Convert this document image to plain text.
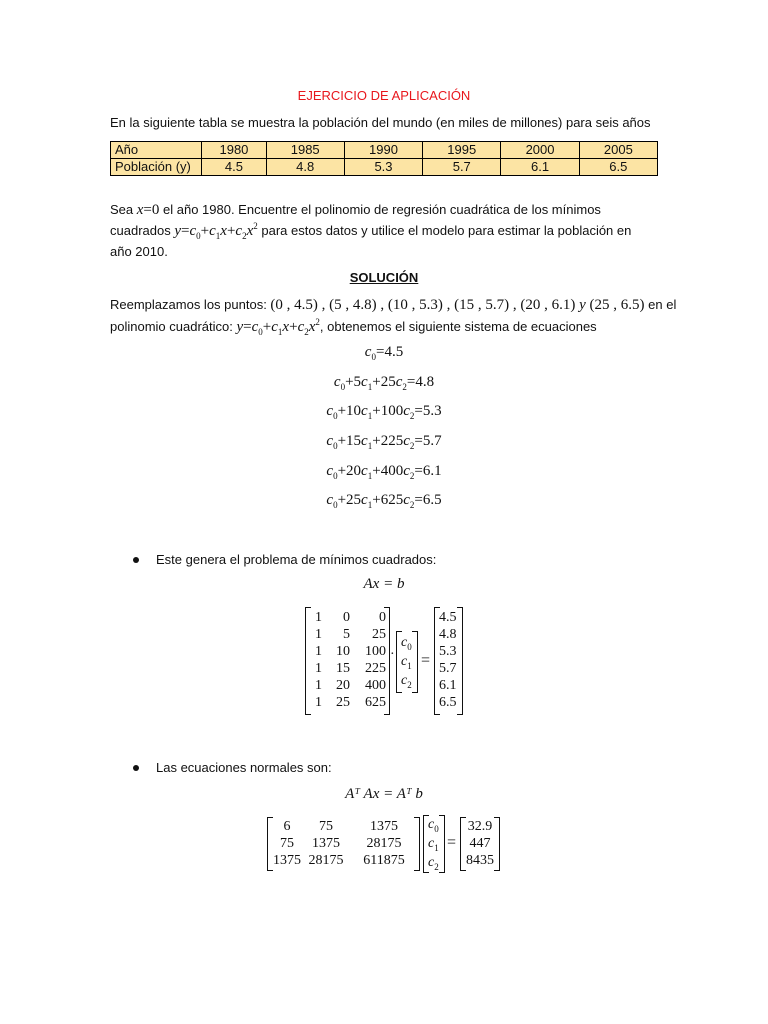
EJERCICIO DE APLICACIÓN
En la siguiente tabla se muestra la población del mundo (en miles de millones) para seis años
Año	1980	1985	1990	1995	2000	2005
Población (y)	4.5	4.8	5.3	5.7	6.1	6.5
Sea x=0 el año 1980. Encuentre el polinomio de regresión cuadrática de los mínimos
cuadrados $y=c_0+c_1x+c_2x^2$ para estos datos y utilice el modelo para estimar la población en
año 2010.
SOLUCIÓN
Reemplazamos los puntos: (0 , 4.5) , (5 , 4.8) , (10 , 5.3) , (15 , 5.7) , (20 , 6.1) y (25 , 6.5) en el
polinomio cuadrático: $y=c_0+c_1x+c_2x^2$, obtenemos el siguiente sistema de ecuaciones
$c_0=4.5$
$c_0+5c_1+25c_2=4.8$
$c_0+10c_1+100c_2=5.3$
$c_0+15c_1+225c_2=5.7$
$c_0+20c_1+400c_2=6.1$
$c_0+25c_1+625c_2=6.5$
Este genera el problema de mínimos cuadrados:
Ax = b
1	0	0
1	5	25
1	10	100
1	15	225
1	20	400
1	25	625
$c_0$
$c_1$
$c_2$
· =
4.5
4.8
5.3
5.7
6.1
6.5
Las ecuaciones normales son:
Aᵀ Ax = Aᵀ b
6	75	1375
75	1375	28175
1375 28175	611875
$c_0$
$c_1$
$c_2$
=
32.9
447
8435
